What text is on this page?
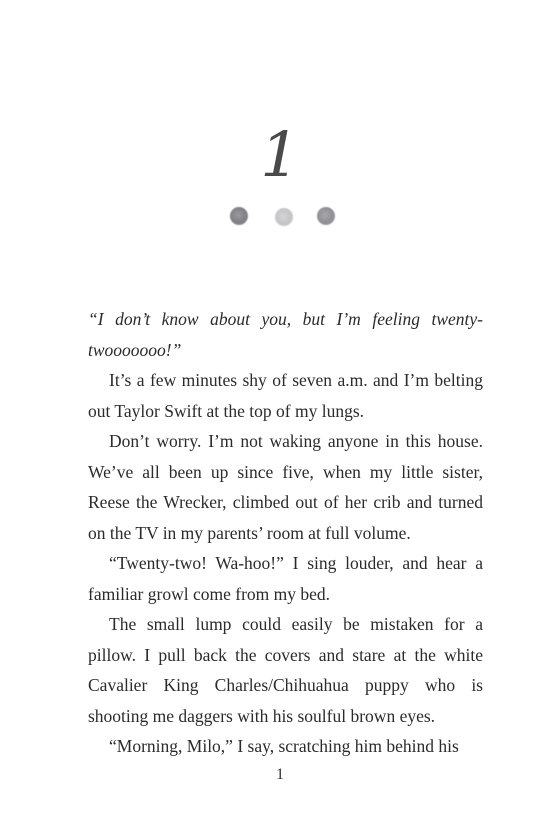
1

“I don’t know about you, but I’m feeling twenty-twooooooo!”

It’s a few minutes shy of seven a.m. and I’m belting out Taylor Swift at the top of my lungs.

Don’t worry. I’m not waking anyone in this house. We’ve all been up since five, when my little sister, Reese the Wrecker, climbed out of her crib and turned on the TV in my parents’ room at full volume.

“Twenty-two! Wa-hoo!” I sing louder, and hear a familiar growl come from my bed.

The small lump could easily be mistaken for a pillow. I pull back the covers and stare at the white Cavalier King Charles/Chihuahua puppy who is shooting me daggers with his soulful brown eyes.

“Morning, Milo,” I say, scratching him behind his

1
